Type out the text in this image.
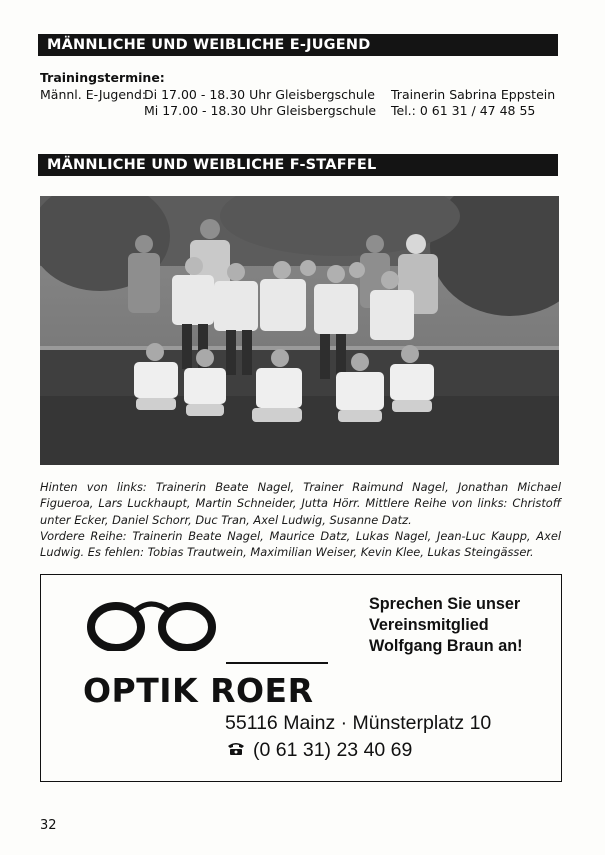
MÄNNLICHE UND WEIBLICHE E-JUGEND
Trainingstermine:
Männl. E-Jugend:
Di 17.00 - 18.30 Uhr Gleisbergschule Trainerin Sabrina Eppstein
Mi 17.00 - 18.30 Uhr Gleisbergschule Tel.: 0 61 31 / 47 48 55
MÄNNLICHE UND WEIBLICHE F-STAFFEL

Hinten von links: Trainerin Beate Nagel, Trainer Raimund Nagel, Jonathan Michael Figueroa, Lars Luckhaupt, Martin Schneider, Jutta Hörr. Mittlere Reihe von links: Christoff unter Ecker, Daniel Schorr, Duc Tran, Axel Ludwig, Susanne Datz.

Vordere Reihe: Trainerin Beate Nagel, Maurice Datz, Lukas Nagel, Jean-Luc Kaupp, Axel Ludwig. Es fehlen: Tobias Trautwein, Maximilian Weiser, Kevin Klee, Lukas Steingässer.

OPTIK ROER
Sprechen Sie unser
Vereinsmitglied
Wolfgang Braun an!
55116 Mainz · Münsterplatz 10
(0 61 31) 23 40 69
32
